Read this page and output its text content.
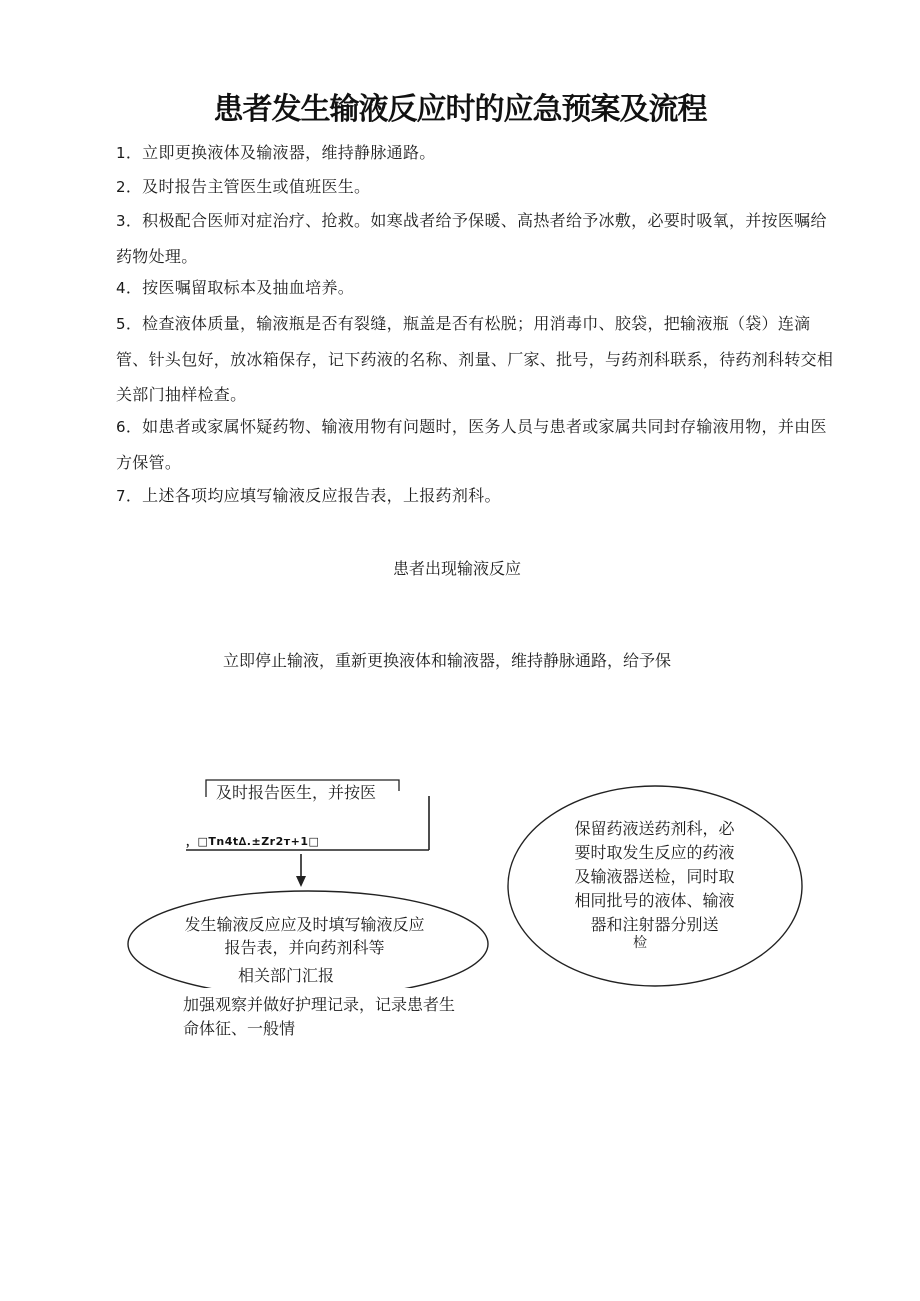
患者发生输液反应时的应急预案及流程
1．立即更换液体及输液器，维持静脉通路。
2．及时报告主管医生或值班医生。
3．积极配合医师对症治疗、抢救。如寒战者给予保暖、高热者给予冰敷，必要时吸氧，并按医嘱给药物处理。
4．按医嘱留取标本及抽血培养。
5．检查液体质量，输液瓶是否有裂缝，瓶盖是否有松脱；用消毒巾、胶袋，把输液瓶（袋）连滴管、针头包好，放冰箱保存，记下药液的名称、剂量、厂家、批号，与药剂科联系，待药剂科转交相关部门抽样检查。
6．如患者或家属怀疑药物、输液用物有问题时，医务人员与患者或家属共同封存输液用物，并由医方保管。
7．上述各项均应填写输液反应报告表，上报药剂科。
患者出现输液反应
立即停止输液，重新更换液体和输液器，维持静脉通路，给予保
，□Tn4t∆.±Zr2т+1□
发生输液反应应及时填写输液反应报告表，并向药剂科等
相关部门汇报
加强观察并做好护理记录，记录患者生命体征、一般情
保留药液送药剂科，必要时取发生反应的药液及输液器送检，同时取相同批号的液体、输液器和注射器分别送
检
